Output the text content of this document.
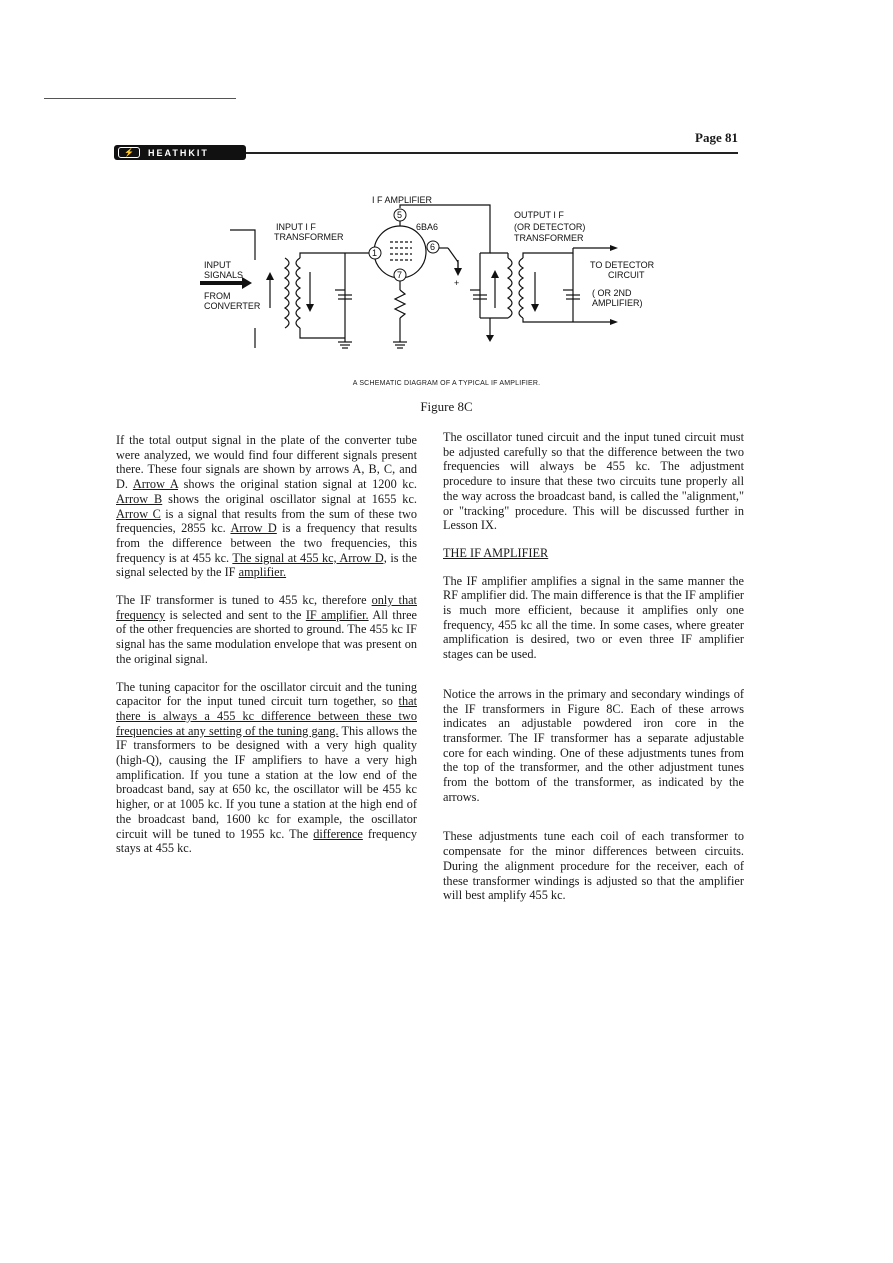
Page 81
⚡	HEATHKIT
5
6
1
7
I F AMPLIFIER
INPUT I F
TRANSFORMER
6BA6
OUTPUT I F
(OR DETECTOR)
TRANSFORMER
INPUT
SIGNALS
FROM
CONVERTER
TO DETECTOR
CIRCUIT
( OR 2ND
AMPLIFIER)
+
A SCHEMATIC DIAGRAM OF A TYPICAL IF AMPLIFIER.
Figure 8C

If the total output signal in the plate of the converter tube were analyzed, we would find four different signals present there. These four signals are shown by arrows A, B, C, and D. Arrow A shows the original station signal at 1200 kc. Arrow B shows the original oscillator signal at 1655 kc. Arrow C is a signal that results from the sum of these two frequencies, 2855 kc. Arrow D is a frequency that results from the difference between the two frequencies, this frequency is at 455 kc. The signal at 455 kc, Arrow D, is the signal selected by the IF amplifier.

The IF transformer is tuned to 455 kc, therefore only that frequency is selected and sent to the IF amplifier. All three of the other frequencies are shorted to ground. The 455 kc IF signal has the same modulation envelope that was present on the original signal.

The tuning capacitor for the oscillator circuit and the tuning capacitor for the input tuned circuit turn together, so that there is always a 455 kc difference between these two frequencies at any setting of the tuning gang. This allows the IF transformers to be designed with a very high quality (high-Q), causing the IF amplifiers to have a very high amplification. If you tune a station at the low end of the broadcast band, say at 650 kc, the oscillator will be 455 kc higher, or at 1005 kc. If you tune a station at the high end of the broadcast band, 1600 kc for example, the oscillator circuit will be tuned to 1955 kc. The difference frequency stays at 455 kc.

The oscillator tuned circuit and the input tuned circuit must be adjusted carefully so that the difference between the two frequencies will always be 455 kc. The adjustment procedure to insure that these two circuits tune properly all the way across the broadcast band, is called the "alignment," or "tracking" procedure. This will be discussed further in Lesson IX.

THE IF AMPLIFIER

The IF amplifier amplifies a signal in the same manner the RF amplifier did. The main difference is that the IF amplifier is much more efficient, because it amplifies only one frequency, 455 kc all the time. In some cases, where greater amplification is desired, two or even three IF amplifier stages can be used.

Notice the arrows in the primary and secondary windings of the IF transformers in Figure 8C. Each of these arrows indicates an adjustable powdered iron core in the transformer. The IF transformer has a separate adjustable core for each winding. One of these adjustments tunes from the top of the transformer, and the other adjustment tunes from the bottom of the transformer, as indicated by the arrows.

These adjustments tune each coil of each transformer to compensate for the minor differences between circuits. During the alignment procedure for the receiver, each of these transformer windings is adjusted so that the amplifier will best amplify 455 kc.
